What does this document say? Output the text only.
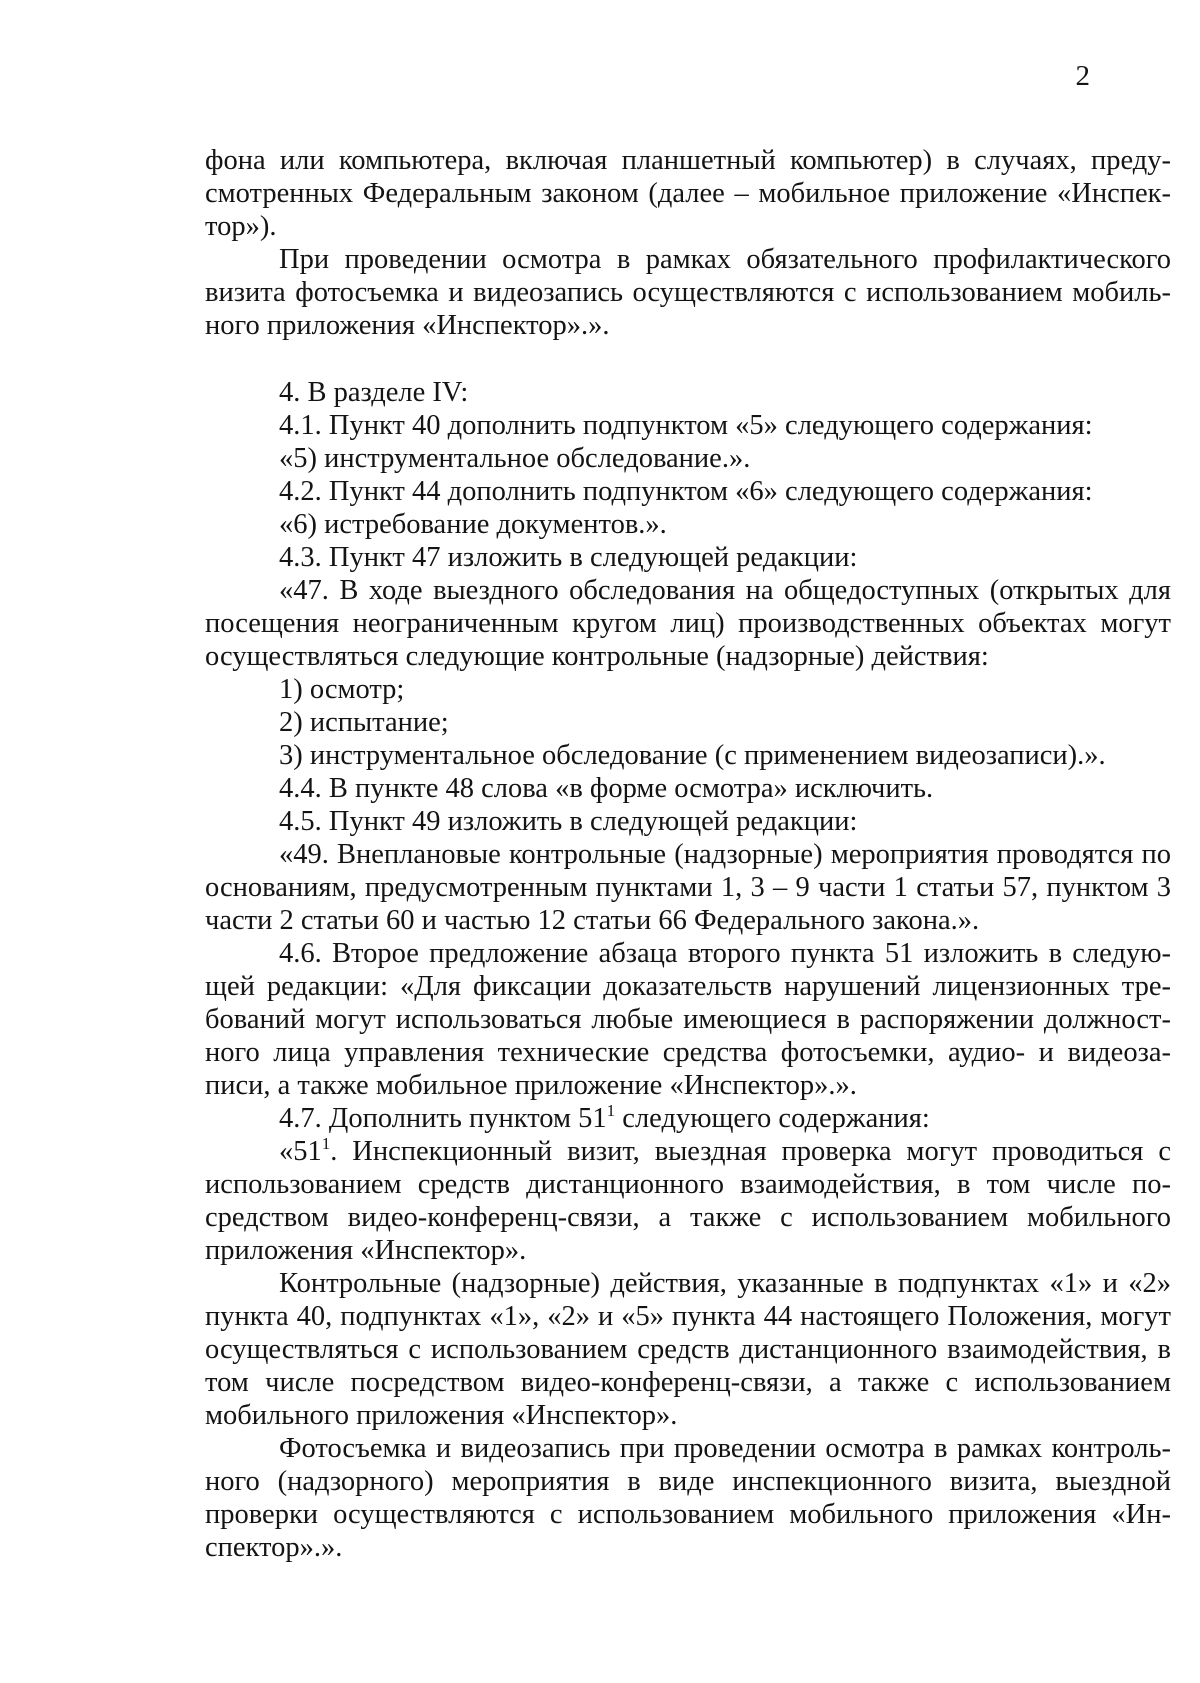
2

фона или компьютера, включая планшетный компьютер) в случаях, предусмотренных Федеральным законом (далее – мобильное приложение «Инспектор»).

При проведении осмотра в рамках обязательного профилактического визита фотосъемка и видеозапись осуществляются с использованием мобильного приложения «Инспектор».».

4. В разделе IV:

4.1. Пункт 40 дополнить подпунктом «5» следующего содержания:

«5) инструментальное обследование.».

4.2. Пункт 44 дополнить подпунктом «6» следующего содержания:

«6) истребование документов.».

4.3. Пункт 47 изложить в следующей редакции:

«47. В ходе выездного обследования на общедоступных (открытых для посещения неограниченным кругом лиц) производственных объектах могут осуществляться следующие контрольные (надзорные) действия:

1) осмотр;

2) испытание;

3) инструментальное обследование (с применением видеозаписи).».

4.4. В пункте 48 слова «в форме осмотра» исключить.

4.5. Пункт 49 изложить в следующей редакции:

«49. Внеплановые контрольные (надзорные) мероприятия проводятся по основаниям, предусмотренным пунктами 1, 3 – 9 части 1 статьи 57, пунктом 3 части 2 статьи 60 и частью 12 статьи 66 Федерального закона.».

4.6. Второе предложение абзаца второго пункта 51 изложить в следующей редакции: «Для фиксации доказательств нарушений лицензионных требований могут использоваться любые имеющиеся в распоряжении должностного лица управления технические средства фотосъемки, аудио- и видеозаписи, а также мобильное приложение «Инспектор».».

4.7. Дополнить пунктом $51^1$ следующего содержания:

«$51^1$. Инспекционный визит, выездная проверка могут проводиться с использованием средств дистанционного взаимодействия, в том числе посредством видео-конференц-связи, а также с использованием мобильного приложения «Инспектор».

Контрольные (надзорные) действия, указанные в подпунктах «1» и «2» пункта 40, подпунктах «1», «2» и «5» пункта 44 настоящего Положения, могут осуществляться с использованием средств дистанционного взаимодействия, в том числе посредством видео-конференц-связи, а также с использованием мобильного приложения «Инспектор».

Фотосъемка и видеозапись при проведении осмотра в рамках контрольного (надзорного) мероприятия в виде инспекционного визита, выездной проверки осуществляются с использованием мобильного приложения «Инспектор».».
